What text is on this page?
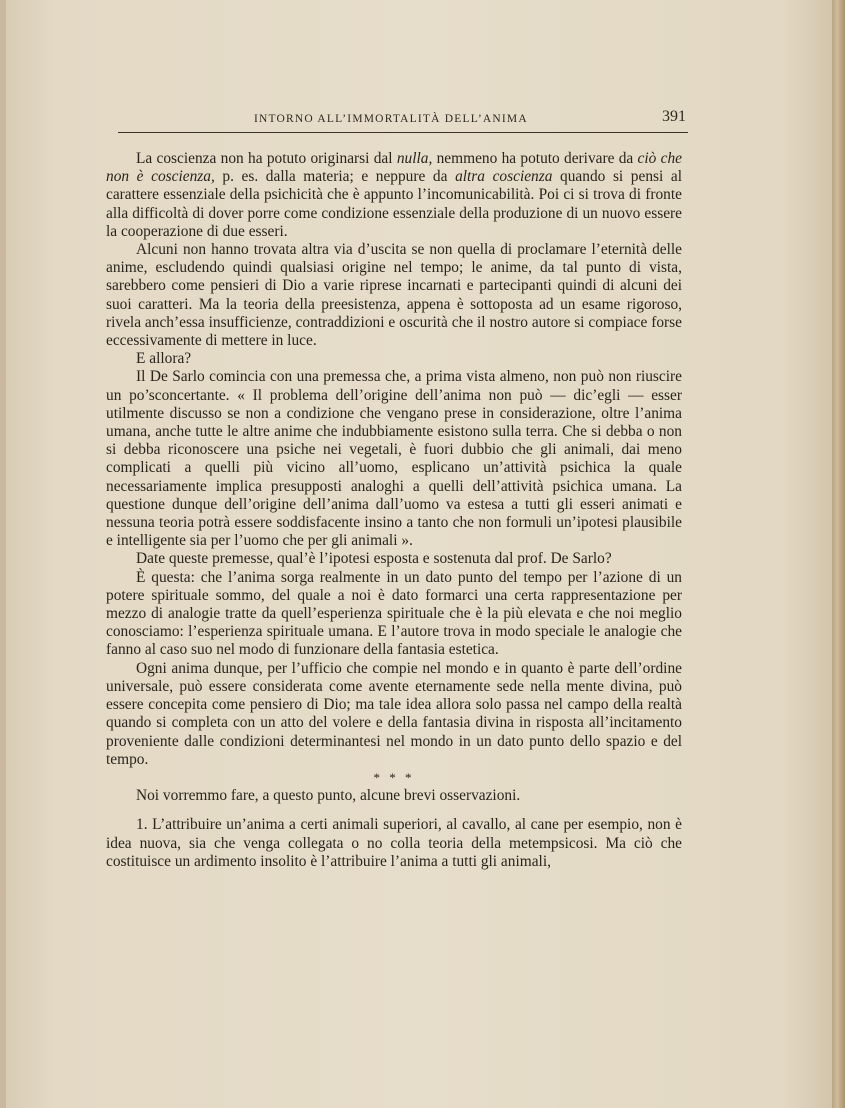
INTORNO ALL’IMMORTALITÀ DELL’ANIMA	391

La coscienza non ha potuto originarsi dal nulla, nemmeno ha potuto derivare da ciò che non è coscienza, p. es. dalla materia; e neppure da altra coscienza quando si pensi al carattere essenziale della psichicità che è appunto l’incomunicabilità. Poi ci si trova di fronte alla difficoltà di dover porre come condizione essenziale della produzione di un nuovo essere la cooperazione di due esseri.

Alcuni non hanno trovata altra via d’uscita se non quella di proclamare l’eternità delle anime, escludendo quindi qualsiasi origine nel tempo; le anime, da tal punto di vista, sarebbero come pensieri di Dio a varie riprese incarnati e partecipanti quindi di alcuni dei suoi caratteri. Ma la teoria della preesistenza, appena è sottoposta ad un esame rigoroso, rivela anch’essa insufficienze, contraddizioni e oscurità che il nostro autore si compiace forse eccessivamente di mettere in luce.

E allora?

Il De Sarlo comincia con una premessa che, a prima vista almeno, non può non riuscire un po’sconcertante. « Il problema dell’origine dell’anima non può — dic’egli — esser utilmente discusso se non a condizione che vengano prese in considerazione, oltre l’anima umana, anche tutte le altre anime che indubbiamente esistono sulla terra. Che si debba o non si debba riconoscere una psiche nei vegetali, è fuori dubbio che gli animali, dai meno complicati a quelli più vicino all’uomo, esplicano un’attività psichica la quale necessariamente implica presupposti analoghi a quelli dell’attività psichica umana. La questione dunque dell’origine dell’anima dall’uomo va estesa a tutti gli esseri animati e nessuna teoria potrà essere soddisfacente insino a tanto che non formuli un’ipotesi plausibile e intelligente sia per l’uomo che per gli animali ».

Date queste premesse, qual’è l’ipotesi esposta e sostenuta dal prof. De Sarlo?

È questa: che l’anima sorga realmente in un dato punto del tempo per l’azione di un potere spirituale sommo, del quale a noi è dato formarci una certa rappresentazione per mezzo di analogie tratte da quell’esperienza spirituale che è la più elevata e che noi meglio conosciamo: l’esperienza spirituale umana. E l’autore trova in modo speciale le analogie che fanno al caso suo nel modo di funzionare della fantasia estetica.

Ogni anima dunque, per l’ufficio che compie nel mondo e in quanto è parte dell’ordine universale, può essere considerata come avente eternamente sede nella mente divina, può essere concepita come pensiero di Dio; ma tale idea allora solo passa nel campo della realtà quando si completa con un atto del volere e della fantasia divina in risposta all’incitamento proveniente dalle condizioni determinantesi nel mondo in un dato punto dello spazio e del tempo.

* * *

Noi vorremmo fare, a questo punto, alcune brevi osservazioni.

1. L’attribuire un’anima a certi animali superiori, al cavallo, al cane per esempio, non è idea nuova, sia che venga collegata o no colla teoria della metempsicosi. Ma ciò che costituisce un ardimento insolito è l’attribuire l’anima a tutti gli animali,
